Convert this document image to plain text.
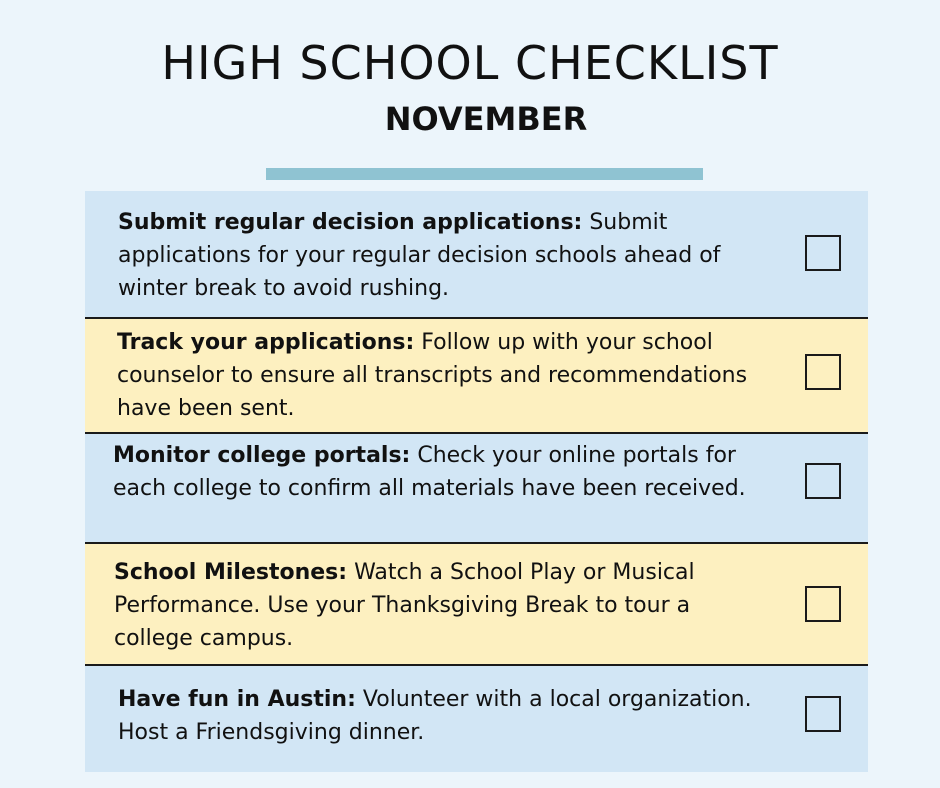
HIGH SCHOOL CHECKLIST
NOVEMBER

Submit regular decision applications: Submit applications for your regular decision schools ahead of winter break to avoid rushing.

Track your applications: Follow up with your school counselor to ensure all transcripts and recommendations have been sent.

Monitor college portals: Check your online portals for each college to confirm all materials have been received.

School Milestones: Watch a School Play or Musical Performance. Use your Thanksgiving Break to tour a college campus.

Have fun in Austin: Volunteer with a local organization. Host a Friendsgiving dinner.
